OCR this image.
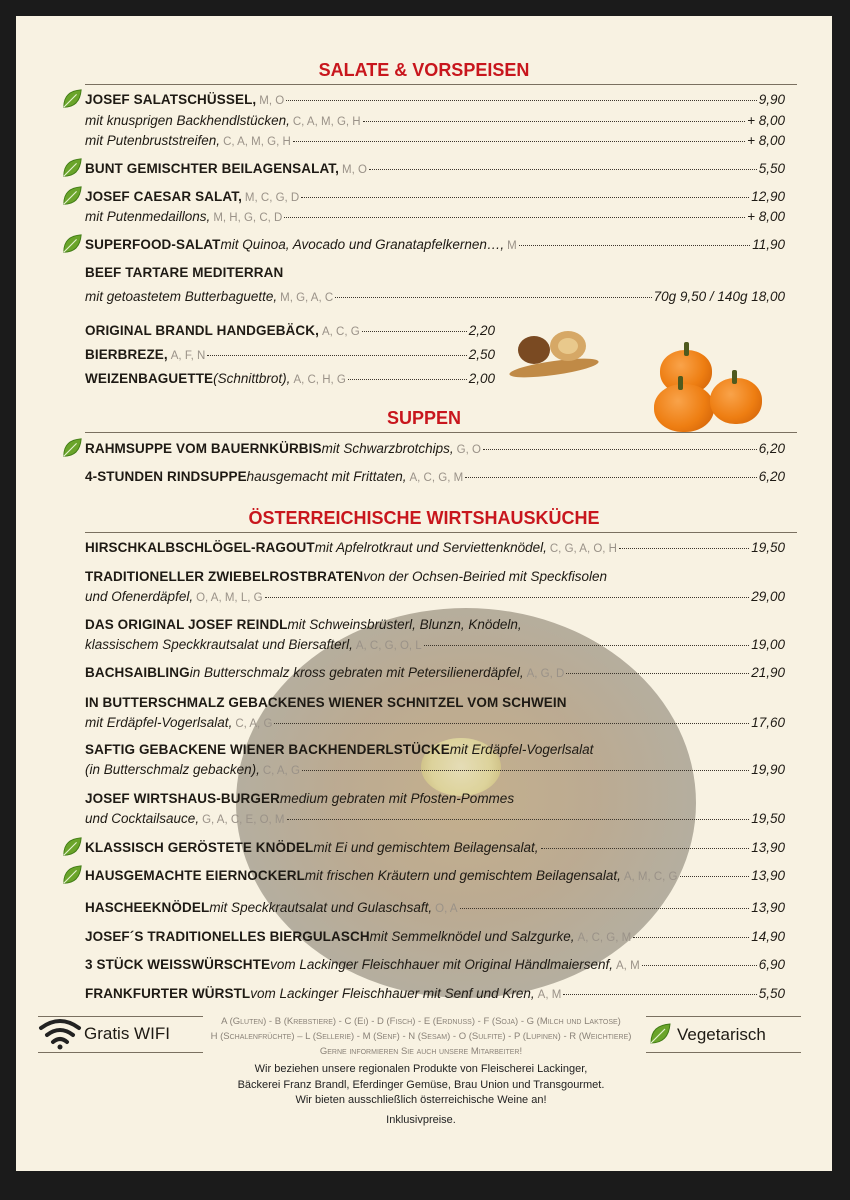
SALATE & VORSPEISEN
JOSEF SALATSCHÜSSEL, M, O	9,90
mit knusprigen Backhendlstücken, C, A, M, G, H	+ 8,00
mit Putenbruststreifen, C, A, M, G, H	+ 8,00
BUNT GEMISCHTER BEILAGENSALAT, M, O	5,50
JOSEF CAESAR SALAT, M, C, G, D	12,90
mit Putenmedaillons, M, H, G, C, D	+ 8,00
SUPERFOOD-SALAT mit Quinoa, Avocado und Granatapfelkernen…, M	11,90
BEEF TARTARE MEDITERRAN
mit getoastetem Butterbaguette, M, G, A, C	70g 9,50 / 140g 18,00
ORIGINAL BRANDL HANDGEBÄCK, A, C, G	2,20
BIERBREZE, A, F, N	2,50
WEIZENBAGUETTE (Schnittbrot), A, C, H, G	2,00
SUPPEN
RAHMSUPPE VOM BAUERNKÜRBIS mit Schwarzbrotchips, G, O	6,20
4-STUNDEN RINDSUPPE hausgemacht mit Frittaten, A, C, G, M	6,20
ÖSTERREICHISCHE WIRTSHAUSKÜCHE
HIRSCHKALBSCHLÖGEL-RAGOUT mit Apfelrotkraut und Serviettenknödel, C, G, A, O, H	19,50
TRADITIONELLER ZWIEBELROSTBRATEN von der Ochsen-Beiried mit Speckfisolen
und Ofenerdäpfel, O, A, M, L, G	29,00
DAS ORIGINAL JOSEF REINDL mit Schweinsbrüsterl, Blunzn, Knödeln,
klassischem Speckkrautsalat und Biersafterl, A, C, G, O, L	19,00
BACHSAIBLING in Butterschmalz kross gebraten mit Petersilienerdäpfel, A, G, D	21,90
IN BUTTERSCHMALZ GEBACKENES WIENER SCHNITZEL VOM SCHWEIN
mit Erdäpfel-Vogerlsalat, C, A, G	17,60
SAFTIG GEBACKENE WIENER BACKHENDERLSTÜCKE mit Erdäpfel-Vogerlsalat
(in Butterschmalz gebacken), C, A, G	19,90
JOSEF WIRTSHAUS-BURGER medium gebraten mit Pfosten-Pommes
und Cocktailsauce, G, A, C, E, O, M	19,50
KLASSISCH GERÖSTETE KNÖDEL mit Ei und gemischtem Beilagensalat,	13,90
HAUSGEMACHTE EIERNOCKERL mit frischen Kräutern und gemischtem Beilagensalat, A, M, C, G	13,90
HASCHEEKNÖDEL mit Speckkrautsalat und Gulaschsaft, O, A	13,90
JOSEF´S TRADITIONELLES BIERGULASCH mit Semmelknödel und Salzgurke, A, C, G, M	14,90
3 STÜCK WEISSWÜRSCHTE vom Lackinger Fleischhauer mit Original Händlmaiersenf, A, M	6,90
FRANKFURTER WÜRSTL vom Lackinger Fleischhauer mit Senf und Kren, A, M	5,50
Gratis WIFI	Vegetarisch
A (Gluten) - B (Krebstiere) - C (Ei) - D (Fisch) - E (Erdnuss) - F (Soja) - G (Milch und Laktose)
H (Schalenfrüchte) – L (Sellerie) - M (Senf) - N (Sesam) - O (Sulfite) - P (Lupinen) - R (Weichtiere)
Gerne informieren Sie auch unsere Mitarbeiter!
Wir beziehen unsere regionalen Produkte von Fleischerei Lackinger,
Bäckerei Franz Brandl, Eferdinger Gemüse, Brau Union und Transgourmet.
Wir bieten ausschließlich österreichische Weine an!
Inklusivpreise.
